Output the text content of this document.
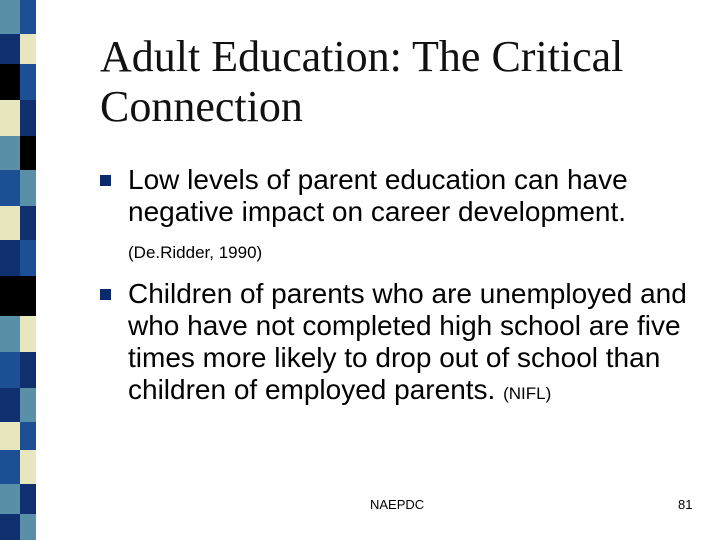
Adult Education: The Critical Connection
Low levels of parent education can have negative impact on career development.
(De.Ridder, 1990)
Children of parents who are unemployed and who have not completed high school are five times more likely to drop out of school than children of employed parents. (NIFL)
NAEPDC	81
